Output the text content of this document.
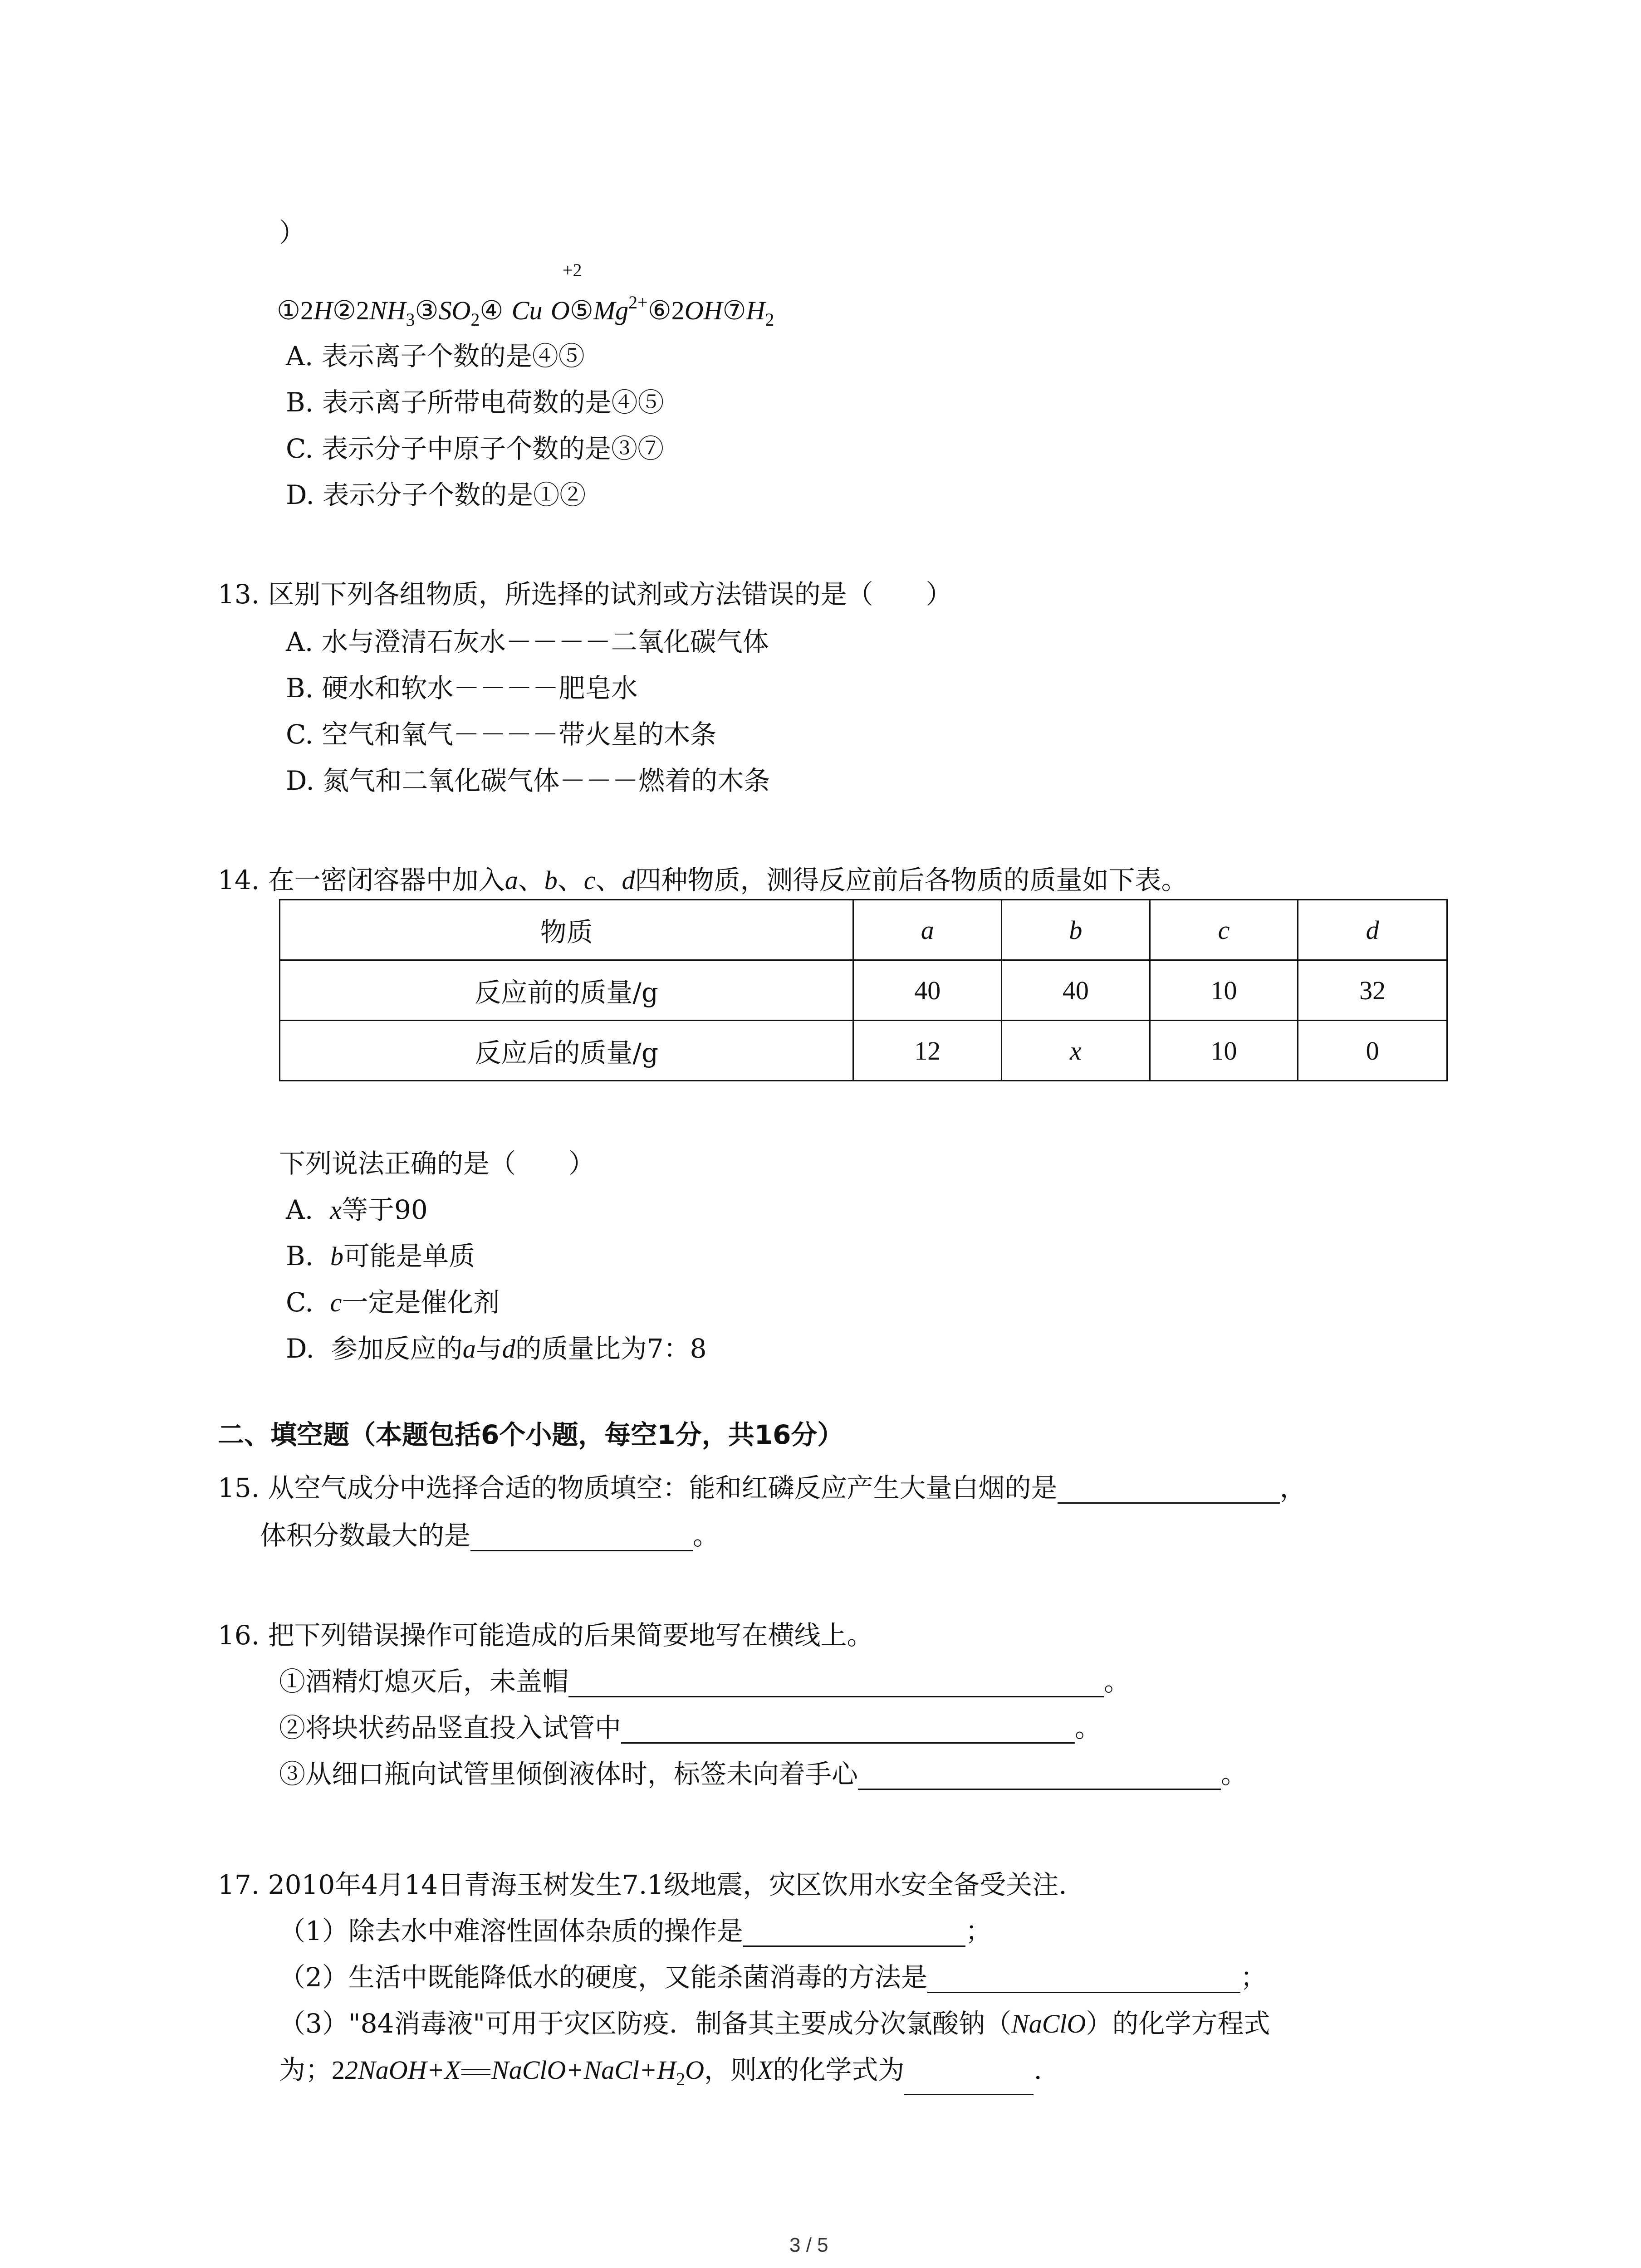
）
+2
$①2H②2NH_3③SO_2④$ Cu $O⑤Mg^{2+}⑥2OH⑦H_2$
A. 表示离子个数的是④⑤
B. 表示离子所带电荷数的是④⑤
C. 表示分子中原子个数的是③⑦
D. 表示分子个数的是①②
13. 区别下列各组物质，所选择的试剂或方法错误的是（　　）
A. 水与澄清石灰水－－－－二氧化碳气体
B. 硬水和软水－－－－肥皂水
C. 空气和氧气－－－－带火星的木条
D. 氮气和二氧化碳气体－－－燃着的木条
14. 在一密闭容器中加入a、b、c、d四种物质，测得反应前后各物质的质量如下表。
物质	a	b	c	d
反应前的质量/g	40	40	10	32
反应后的质量/g	12	x	10	0
下列说法正确的是（　　）
A. x等于90
B. b可能是单质
C. c一定是催化剂
D. 参加反应的a与d的质量比为7：8
二、填空题（本题包括6个小题，每空1分，共16分）
15. 从空气成分中选择合适的物质填空：能和红磷反应产生大量白烟的是	，
体积分数最大的是	。
16. 把下列错误操作可能造成的后果简要地写在横线上。
①酒精灯熄灭后，未盖帽	。
②将块状药品竖直投入试管中	。
③从细口瓶向试管里倾倒液体时，标签未向着手心	。
17. 2010年4月14日青海玉树发生7.1级地震，灾区饮用水安全备受关注.
（1）除去水中难溶性固体杂质的操作是	；
（2）生活中既能降低水的硬度，又能杀菌消毒的方法是	；
（3）"84消毒液"可用于灾区防疫．制备其主要成分次氯酸钠（NaClO）的化学方程式
为；22NaOH+X $NaClO+NaCl+H_2O$，则X的化学式为	.
3 / 5
